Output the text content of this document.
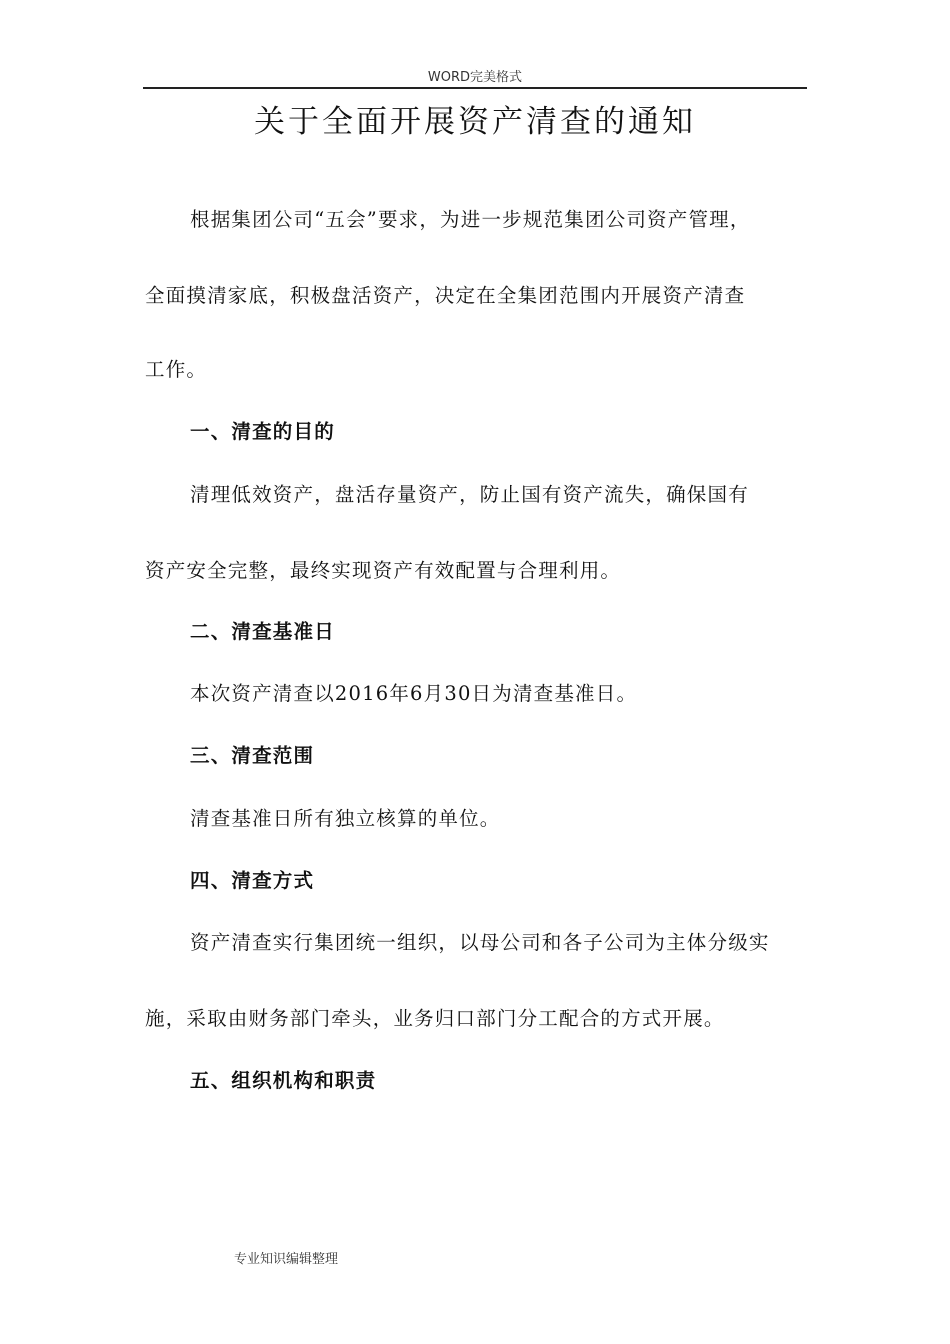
WORD完美格式
关于全面开展资产清查的通知
根据集团公司“五会”要求，为进一步规范集团公司资产管理，
全面摸清家底，积极盘活资产，决定在全集团范围内开展资产清查
工作。
一、清查的目的
清理低效资产，盘活存量资产，防止国有资产流失，确保国有
资产安全完整，最终实现资产有效配置与合理利用。
二、清查基准日
本次资产清查以2016年6月30日为清查基准日。
三、清查范围
清查基准日所有独立核算的单位。
四、清查方式
资产清查实行集团统一组织，以母公司和各子公司为主体分级实
施，采取由财务部门牵头，业务归口部门分工配合的方式开展。
五、组织机构和职责
专业知识编辑整理
